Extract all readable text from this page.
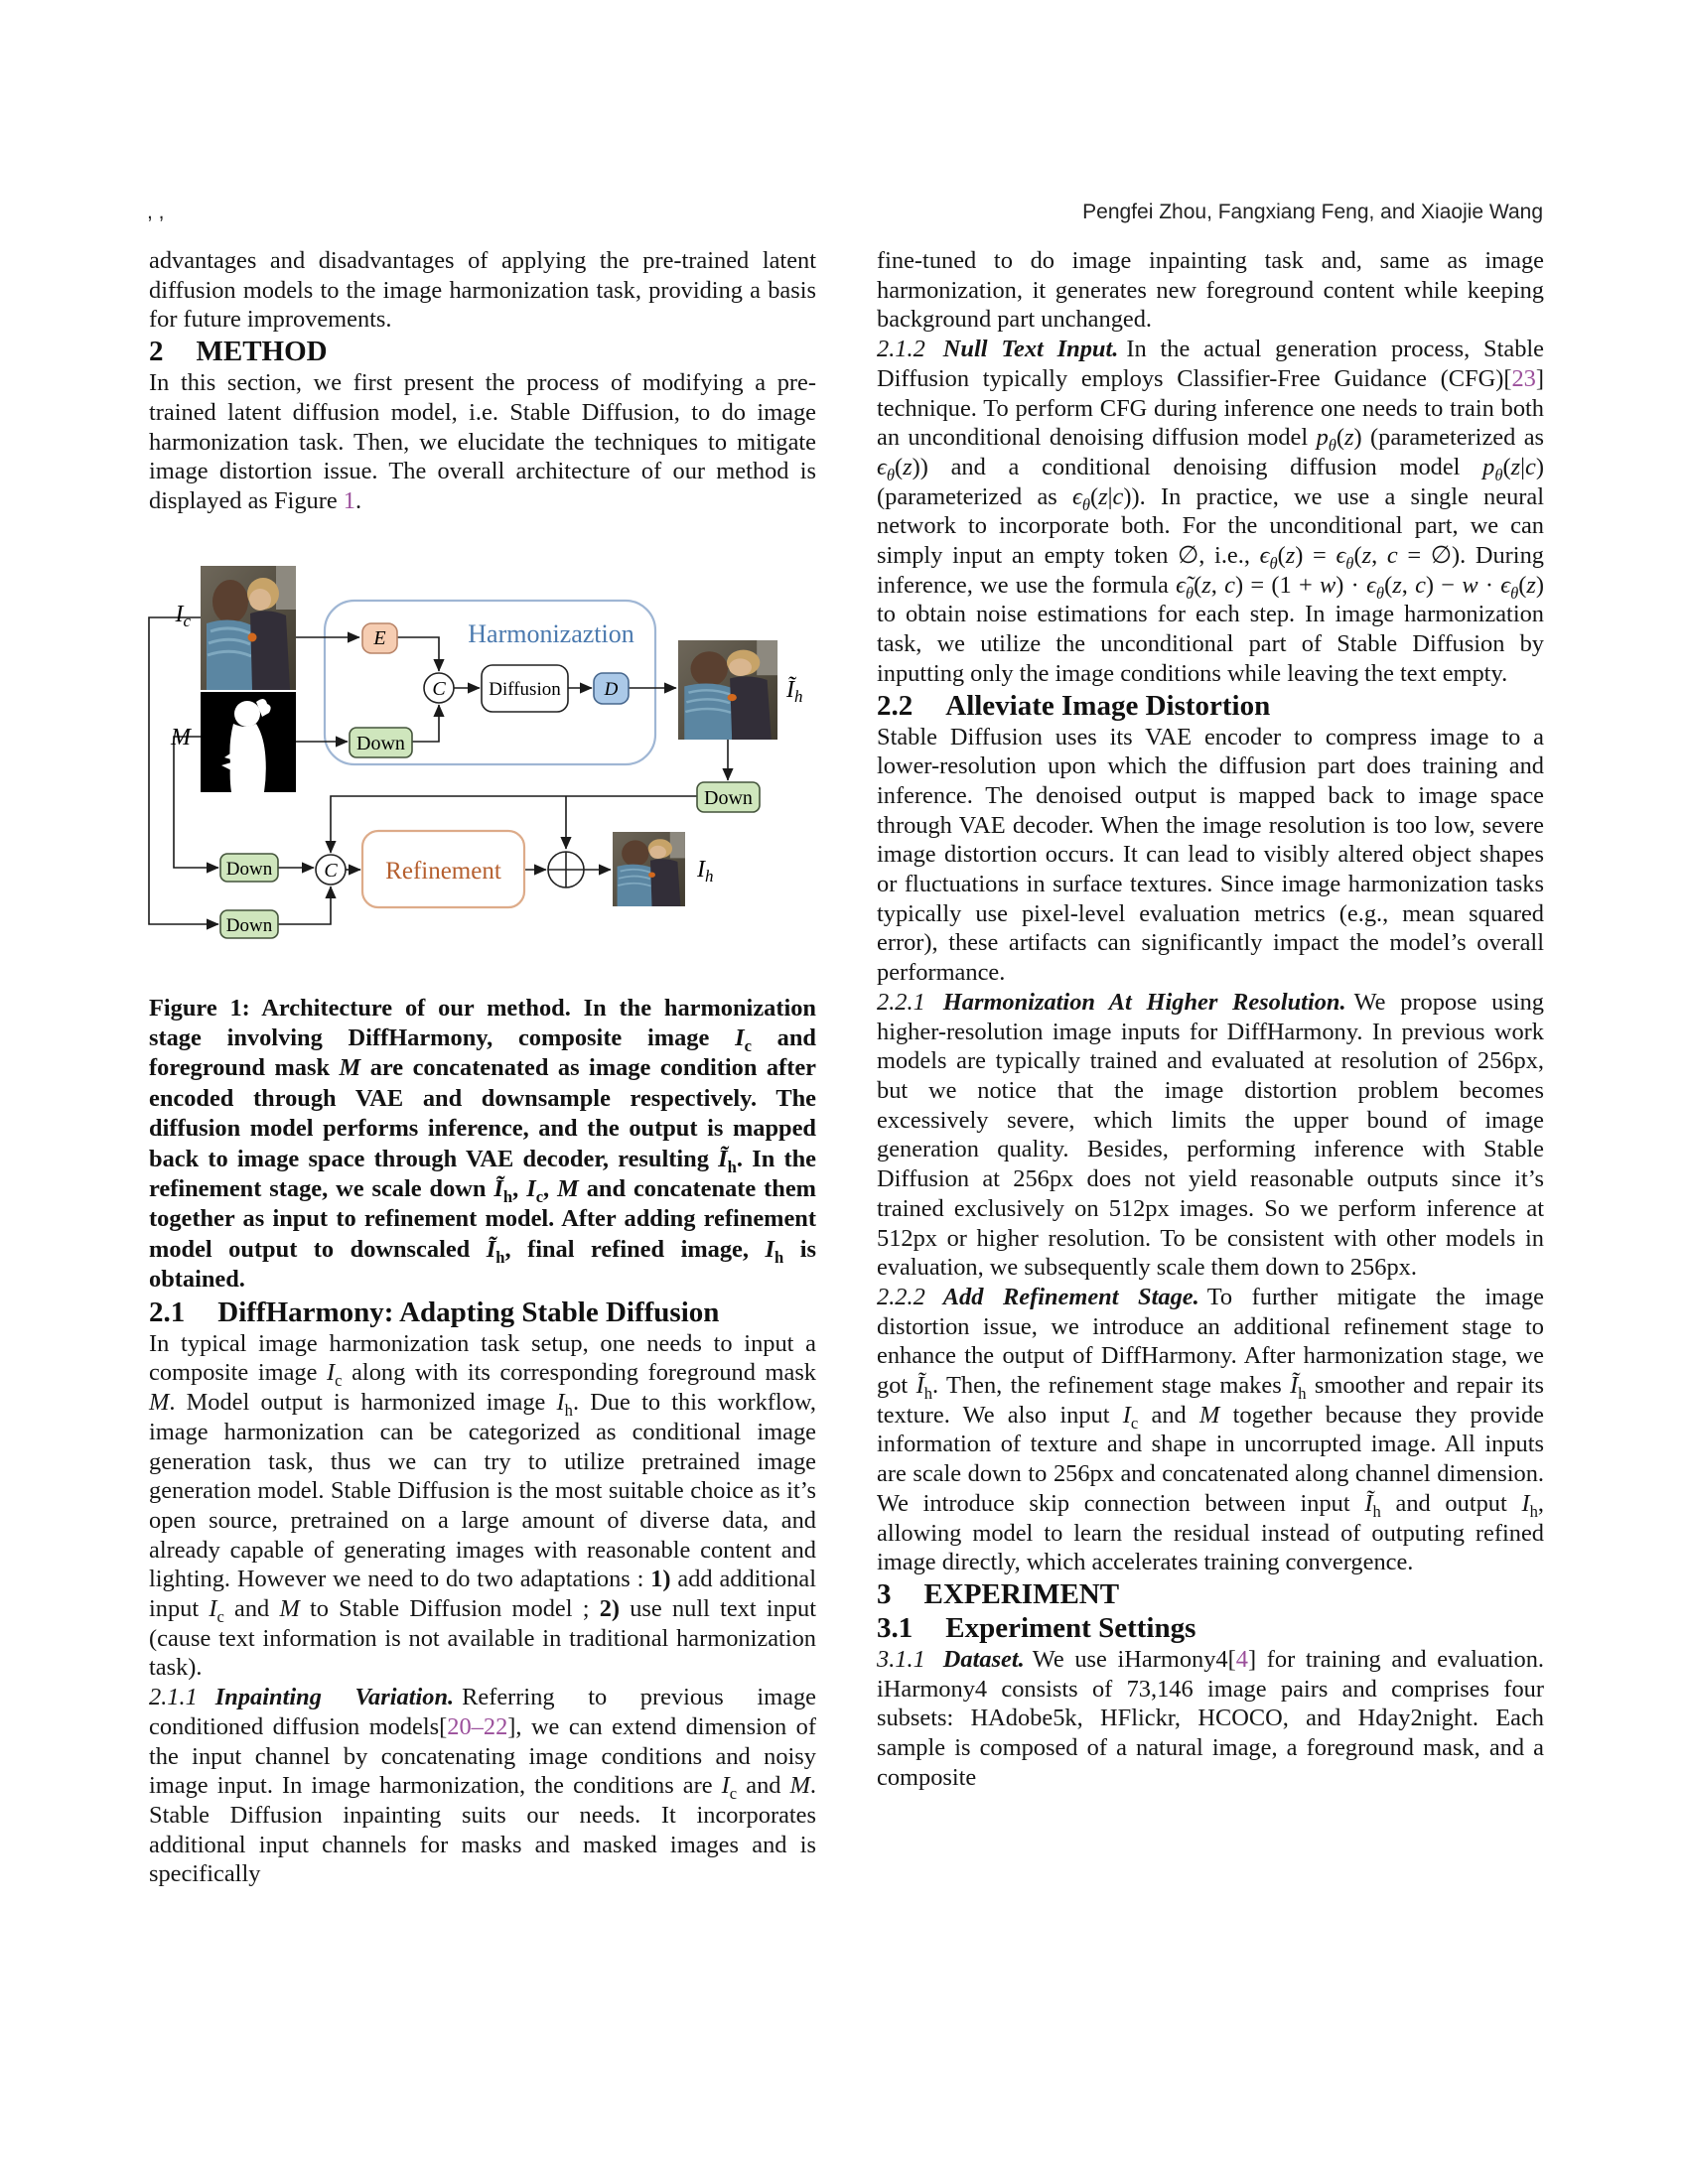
, ,	Pengfei Zhou, Fangxiang Feng, and Xiaojie Wang

advantages and disadvantages of applying the pre-trained latent diffusion models to the image harmonization task, providing a basis for future improvements.

2 METHOD

In this section, we first present the process of modifying a pre-trained latent diffusion model, i.e. Stable Diffusion, to do image harmonization task. Then, we elucidate the techniques to mitigate image distortion issue. The overall architecture of our method is displayed as Figure 1.

Harmonizaztion
$I_c$
M
E
Down
C Diffusion D	$Ĩ_h$
Down
Down
Down
C Refinement	$I_h$

Figure 1: Architecture of our method. In the harmonization stage involving DiffHarmony, composite image $I_c$ and foreground mask M are concatenated as image condition after encoded through VAE and downsample respectively. The diffusion model performs inference, and the output is mapped back to image space through VAE decoder, resulting $Ĩ_h$. In the refinement stage, we scale down $Ĩ_h$, $I_c$, M and concatenate them together as input to refinement model. After adding refinement model output to downscaled $Ĩ_h$, final refined image, $I_h$ is obtained.

2.1 DiffHarmony: Adapting Stable Diffusion

In typical image harmonization task setup, one needs to input a composite image $I_c$ along with its corresponding foreground mask M. Model output is harmonized image $I_h$. Due to this workflow, image harmonization can be categorized as conditional image generation task, thus we can try to utilize pretrained image generation model. Stable Diffusion is the most suitable choice as it’s open source, pretrained on a large amount of diverse data, and already capable of generating images with reasonable content and lighting. However we need to do two adaptations : 1) add additional input $I_c$ and M to Stable Diffusion model ; 2) use null text input (cause text information is not available in traditional harmonization task).

2.1.1 Inpainting Variation. Referring to previous image conditioned diffusion models[20–22], we can extend dimension of the input channel by concatenating image conditions and noisy image input. In image harmonization, the conditions are $I_c$ and M. Stable Diffusion inpainting suits our needs. It incorporates additional input channels for masks and masked images and is specifically

fine-tuned to do image inpainting task and, same as image harmonization, it generates new foreground content while keeping background part unchanged.

2.1.2 Null Text Input. In the actual generation process, Stable Diffusion typically employs Classifier-Free Guidance (CFG)[23] technique. To perform CFG during inference one needs to train both an unconditional denoising diffusion model $p_\theta(z)$ (parameterized as $\epsilon_\theta(z)$) and a conditional denoising diffusion model $p_\theta(z|c)$ (parameterized as $\epsilon_\theta(z|c)$). In practice, we use a single neural network to incorporate both. For the unconditional part, we can simply input an empty token ∅, i.e., $\epsilon_\theta(z) = \epsilon_\theta(z$, c = ∅). During inference, we use the formula $\epsiloñ_\theta(z$, $c) = (1 + w) \cdot \epsilon_\theta(z$, $c) - w \cdot \epsilon_\theta(z)$ to obtain noise estimations for each step. In image harmonization task, we utilize the unconditional part of Stable Diffusion by inputting only the image conditions while leaving the text empty.

2.2 Alleviate Image Distortion

Stable Diffusion uses its VAE encoder to compress image to a lower-resolution upon which the diffusion part does training and inference. The denoised output is mapped back to image space through VAE decoder. When the image resolution is too low, severe image distortion occurs. It can lead to visibly altered object shapes or fluctuations in surface textures. Since image harmonization tasks typically use pixel-level evaluation metrics (e.g., mean squared error), these artifacts can significantly impact the model’s overall performance.

2.2.1 Harmonization At Higher Resolution. We propose using higher-resolution image inputs for DiffHarmony. In previous work models are typically trained and evaluated at resolution of 256px, but we notice that the image distortion problem becomes excessively severe, which limits the upper bound of image generation quality. Besides, performing inference with Stable Diffusion at 256px does not yield reasonable outputs since it’s trained exclusively on 512px images. So we perform inference at 512px or higher resolution. To be consistent with other models in evaluation, we subsequently scale them down to 256px.

2.2.2 Add Refinement Stage. To further mitigate the image distortion issue, we introduce an additional refinement stage to enhance the output of DiffHarmony. After harmonization stage, we got $Ĩ_h$. Then, the refinement stage makes $Ĩ_h$ smoother and repair its texture. We also input $I_c$ and M together because they provide information of texture and shape in uncorrupted image. All inputs are scale down to 256px and concatenated along channel dimension. We introduce skip connection between input $Ĩ_h$ and output $I_h$, allowing model to learn the residual instead of outputing refined image directly, which accelerates training convergence.

3 EXPERIMENT
3.1 Experiment Settings

3.1.1 Dataset. We use iHarmony4[4] for training and evaluation. iHarmony4 consists of 73,146 image pairs and comprises four subsets: HAdobe5k, HFlickr, HCOCO, and Hday2night. Each sample is composed of a natural image, a foreground mask, and a composite
